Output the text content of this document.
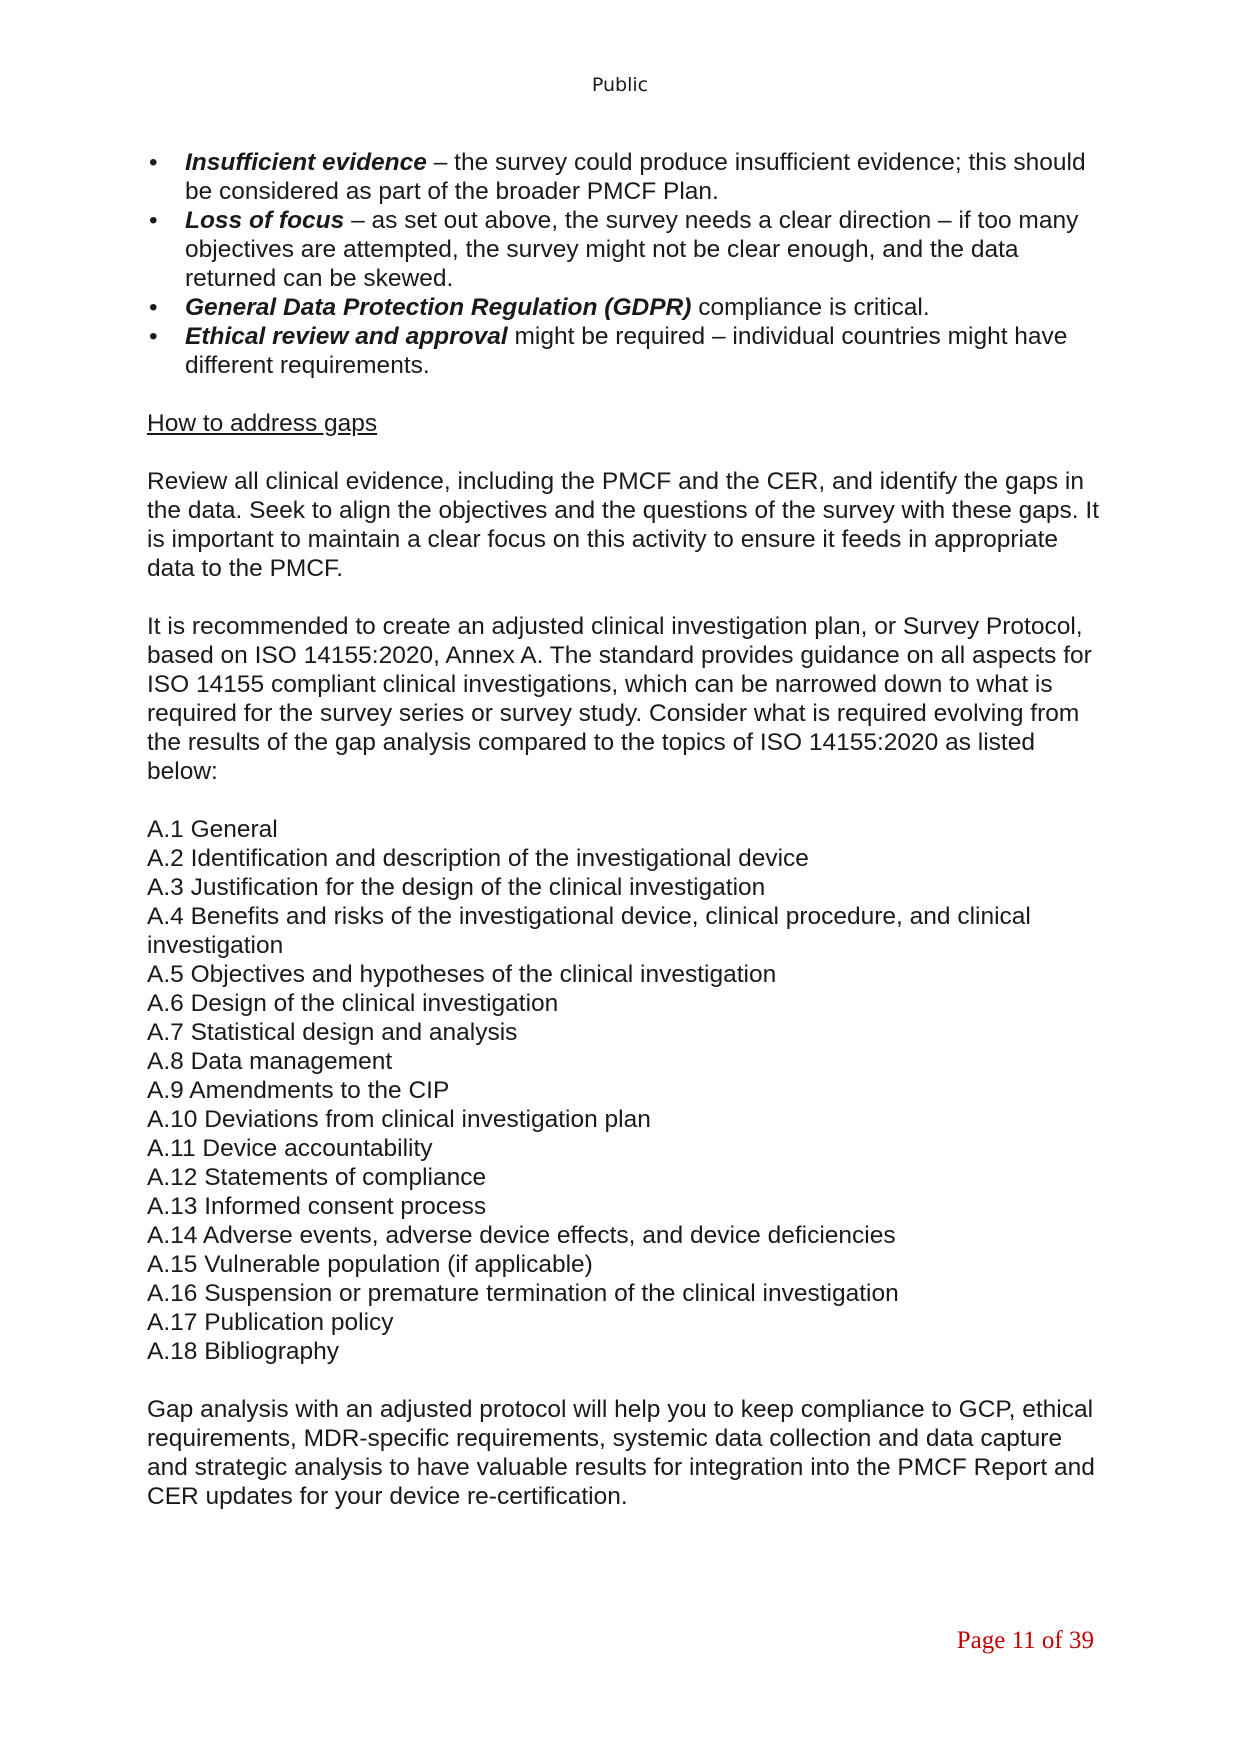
Public
• Insufficient evidence – the survey could produce insufficient evidence; this should be considered as part of the broader PMCF Plan.
• Loss of focus – as set out above, the survey needs a clear direction – if too many objectives are attempted, the survey might not be clear enough, and the data returned can be skewed.
• General Data Protection Regulation (GDPR) compliance is critical.
• Ethical review and approval might be required – individual countries might have different requirements.
How to address gaps

Review all clinical evidence, including the PMCF and the CER, and identify the gaps in the data. Seek to align the objectives and the questions of the survey with these gaps. It is important to maintain a clear focus on this activity to ensure it feeds in appropriate data to the PMCF.

It is recommended to create an adjusted clinical investigation plan, or Survey Protocol, based on ISO 14155:2020, Annex A. The standard provides guidance on all aspects for ISO 14155 compliant clinical investigations, which can be narrowed down to what is required for the survey series or survey study. Consider what is required evolving from the results of the gap analysis compared to the topics of ISO 14155:2020 as listed below:

A.1 General
A.2 Identification and description of the investigational device
A.3 Justification for the design of the clinical investigation
A.4 Benefits and risks of the investigational device, clinical procedure, and clinical investigation
A.5 Objectives and hypotheses of the clinical investigation
A.6 Design of the clinical investigation
A.7 Statistical design and analysis
A.8 Data management
A.9 Amendments to the CIP
A.10 Deviations from clinical investigation plan
A.11 Device accountability
A.12 Statements of compliance
A.13 Informed consent process
A.14 Adverse events, adverse device effects, and device deficiencies
A.15 Vulnerable population (if applicable)
A.16 Suspension or premature termination of the clinical investigation
A.17 Publication policy
A.18 Bibliography

Gap analysis with an adjusted protocol will help you to keep compliance to GCP, ethical requirements, MDR-specific requirements, systemic data collection and data capture and strategic analysis to have valuable results for integration into the PMCF Report and CER updates for your device re-certification.

Page 11 of 39
